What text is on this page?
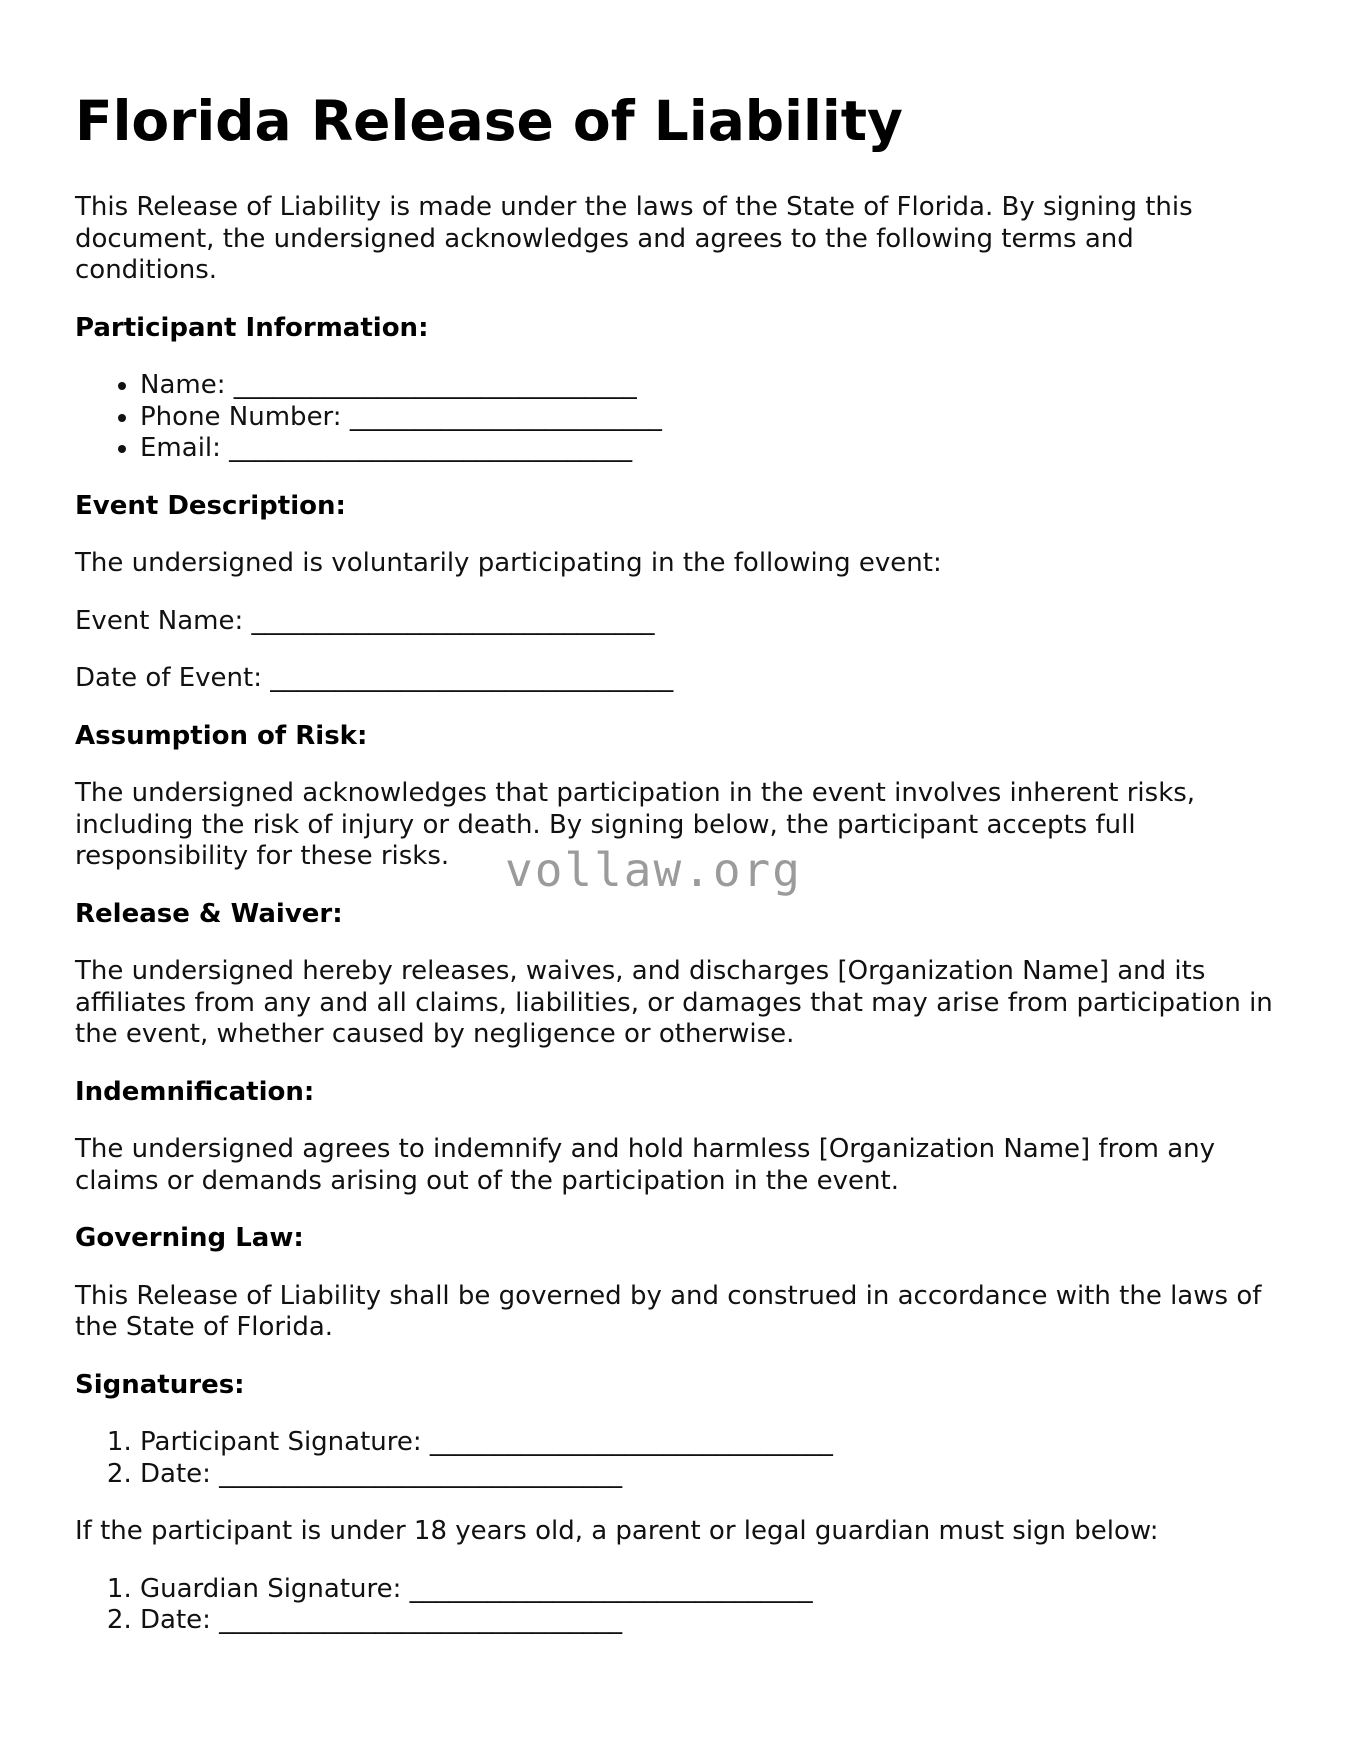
Florida Release of Liability

This Release of Liability is made under the laws of the State of Florida. By signing this document, the undersigned acknowledges and agrees to the following terms and conditions.

Participant Information:
• Name: _______________________________
• Phone Number: ________________________
• Email: _______________________________
Event Description:

The undersigned is voluntarily participating in the following event:

Event Name: _______________________________

Date of Event: _______________________________

Assumption of Risk:

The undersigned acknowledges that participation in the event involves inherent risks, including the risk of injury or death. By signing below, the participant accepts full responsibility for these risks.

Release & Waiver:

The undersigned hereby releases, waives, and discharges [Organization Name] and its affiliates from any and all claims, liabilities, or damages that may arise from participation in the event, whether caused by negligence or otherwise.

Indemnification:

The undersigned agrees to indemnify and hold harmless [Organization Name] from any claims or demands arising out of the participation in the event.

Governing Law:

This Release of Liability shall be governed by and construed in accordance with the laws of the State of Florida.

Signatures:
1. Participant Signature: _______________________________
2. Date: _______________________________

If the participant is under 18 years old, a parent or legal guardian must sign below:

1. Guardian Signature: _______________________________
2. Date: _______________________________
vollaw.org
